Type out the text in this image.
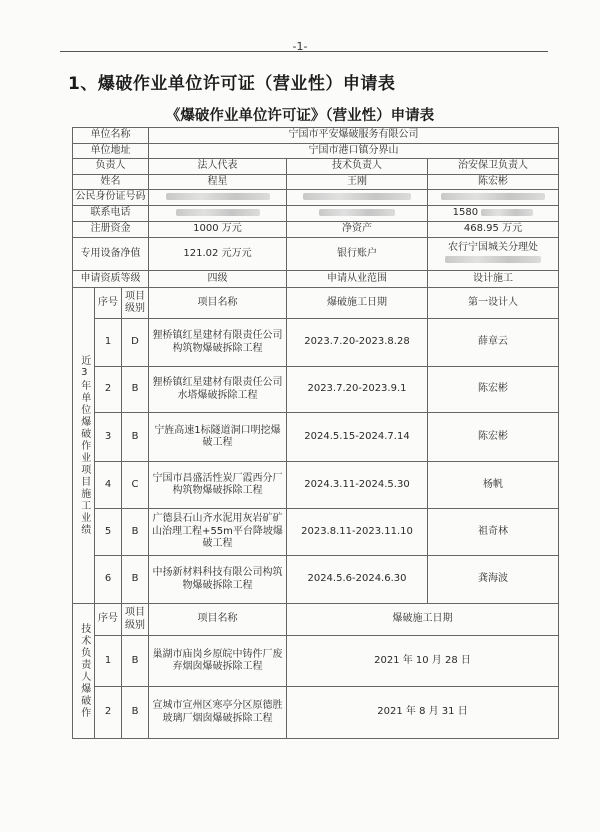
-1-
1、爆破作业单位许可证（营业性）申请表
《爆破作业单位许可证》（营业性）申请表
单位名称			宁国市平安爆破服务有限公司		
单位地址			宁国市港口镇分界山		
负责人			法人代表	技术负责人	治安保卫负责人
姓名			程星	王刚	陈宏彬
公民身份证号码					
联系电话					1580
注册资金			1000 万元	净资产	468.95 万元
专用设备净值			121.02 元万元	银行账户	农行宁国城关分理处

申请资质等级			四级	申请从业范围	设计施工
近3年单位爆破作业项目施工业绩	序号	项目级别	项目名称	爆破施工日期	第一设计人
	1	D	狸桥镇红星建材有限责任公司构筑物爆破拆除工程	2023.7.20-2023.8.28	薛章云
	2	B	狸桥镇红星建材有限责任公司水塔爆破拆除工程	2023.7.20-2023.9.1	陈宏彬
	3	B	宁旌高速1标隧道洞口明挖爆破工程	2024.5.15-2024.7.14	陈宏彬
	4	C	宁国市昌盛活性炭厂霞西分厂构筑物爆破拆除工程	2024.3.11-2024.5.30	杨帆
	5	B	广德县石山齐水泥用灰岩矿矿山治理工程+55m平台降坡爆破工程	2023.8.11-2023.11.10	祖奇林
	6	B	中扬新材料科技有限公司构筑物爆破拆除工程	2024.5.6-2024.6.30	龚海波
技术负责人爆破作	序号	项目级别	项目名称	爆破施工日期	
	1	B	巢湖市庙岗乡原皖中铸件厂废弃烟囱爆破拆除工程	2021 年 10 月 28 日	
	2	B	宣城市宣州区寒亭分区原德胜玻璃厂烟囱爆破拆除工程	2021 年 8 月 31 日	
